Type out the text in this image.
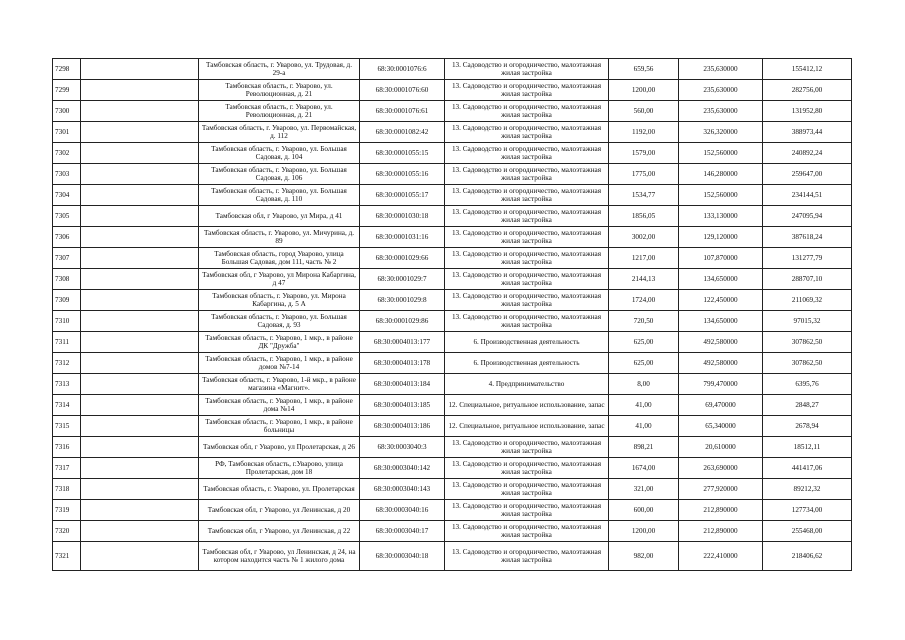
7298		Тамбовская область, г. Уварово, ул. Трудовая, д. 29-а	68:30:0001076:6	13. Садоводство и огородничество, малоэтажная жилая застройка	659,56	235,630000	155412,12
7299		Тамбовская область, г. Уварово, ул. Революционная, д. 21	68:30:0001076:60	13. Садоводство и огородничество, малоэтажная жилая застройка	1200,00	235,630000	282756,00
7300		Тамбовская область, г. Уварово, ул. Революционная, д. 21	68:30:0001076:61	13. Садоводство и огородничество, малоэтажная жилая застройка	560,00	235,630000	131952,80
7301		Тамбовская область, г. Уварово, ул. Первомайская, д. 112	68:30:0001082:42	13. Садоводство и огородничество, малоэтажная жилая застройка	1192,00	326,320000	388973,44
7302		Тамбовская область, г. Уварово, ул. Большая Садовая, д. 104	68:30:0001055:15	13. Садоводство и огородничество, малоэтажная жилая застройка	1579,00	152,560000	240892,24
7303		Тамбовская область, г. Уварово, ул. Большая Садовая, д. 106	68:30:0001055:16	13. Садоводство и огородничество, малоэтажная жилая застройка	1775,00	146,280000	259647,00
7304		Тамбовская область, г. Уварово, ул. Большая Садовая, д. 110	68:30:0001055:17	13. Садоводство и огородничество, малоэтажная жилая застройка	1534,77	152,560000	234144,51
7305		Тамбовская обл, г Уварово, ул Мира, д 41	68:30:0001030:18	13. Садоводство и огородничество, малоэтажная жилая застройка	1856,05	133,130000	247095,94
7306		Тамбовская область, г. Уварово, ул. Мичурина, д. 89	68:30:0001031:16	13. Садоводство и огородничество, малоэтажная жилая застройка	3002,00	129,120000	387618,24
7307		Тамбовская область, город Уварово, улица Большая Садовая, дом 111, часть № 2	68:30:0001029:66	13. Садоводство и огородничество, малоэтажная жилая застройка	1217,00	107,870000	131277,79
7308		Тамбовская обл, г Уварово, ул Мирона Кабаргина, д 47	68:30:0001029:7	13. Садоводство и огородничество, малоэтажная жилая застройка	2144,13	134,650000	288707,10
7309		Тамбовская область, г. Уварово, ул. Мирона Кабаргина, д. 5 А	68:30:0001029:8	13. Садоводство и огородничество, малоэтажная жилая застройка	1724,00	122,450000	211069,32
7310		Тамбовская область, г. Уварово, ул. Большая Садовая, д. 93	68:30:0001029:86	13. Садоводство и огородничество, малоэтажная жилая застройка	720,50	134,650000	97015,32
7311		Тамбовская область, г. Уварово, 1 мкр., в районе ДК "Дружба"	68:30:0004013:177	6. Производственная деятельность	625,00	492,580000	307862,50
7312		Тамбовская область, г. Уварово, 1 мкр., в районе домов №7-14	68:30:0004013:178	6. Производственная деятельность	625,00	492,580000	307862,50
7313		Тамбовская область, г. Уварово, 1-й мкр., в районе магазина «Магнит».	68:30:0004013:184	4. Предпринимательство	8,00	799,470000	6395,76
7314		Тамбовская область, г. Уварово, 1 мкр., в районе дома №14	68:30:0004013:185	12. Специальное, ритуальное использование, запас	41,00	69,470000	2848,27
7315		Тамбовская область, г. Уварово, 1 мкр., в районе больницы	68:30:0004013:186	12. Специальное, ритуальное использование, запас	41,00	65,340000	2678,94
7316		Тамбовская обл, г Уварово, ул Пролетарская, д 26	68:30:0003040:3	13. Садоводство и огородничество, малоэтажная жилая застройка	898,21	20,610000	18512,11
7317		РФ, Тамбовская область, г.Уварово, улица Пролетарская, дом 18	68:30:0003040:142	13. Садоводство и огородничество, малоэтажная жилая застройка	1674,00	263,690000	441417,06
7318		Тамбовская область, г. Уварово, ул. Пролетарская	68:30:0003040:143	13. Садоводство и огородничество, малоэтажная жилая застройка	321,00	277,920000	89212,32
7319		Тамбовская обл, г Уварово, ул Ленинская, д 20	68:30:0003040:16	13. Садоводство и огородничество, малоэтажная жилая застройка	600,00	212,890000	127734,00
7320		Тамбовская обл, г Уварово, ул Ленинская, д 22	68:30:0003040:17	13. Садоводство и огородничество, малоэтажная жилая застройка	1200,00	212,890000	255468,00
7321		Тамбовская обл, г Уварово, ул Ленинская, д 24, на котором находится часть № 1 жилого дома	68:30:0003040:18	13. Садоводство и огородничество, малоэтажная жилая застройка	982,00	222,410000	218406,62
